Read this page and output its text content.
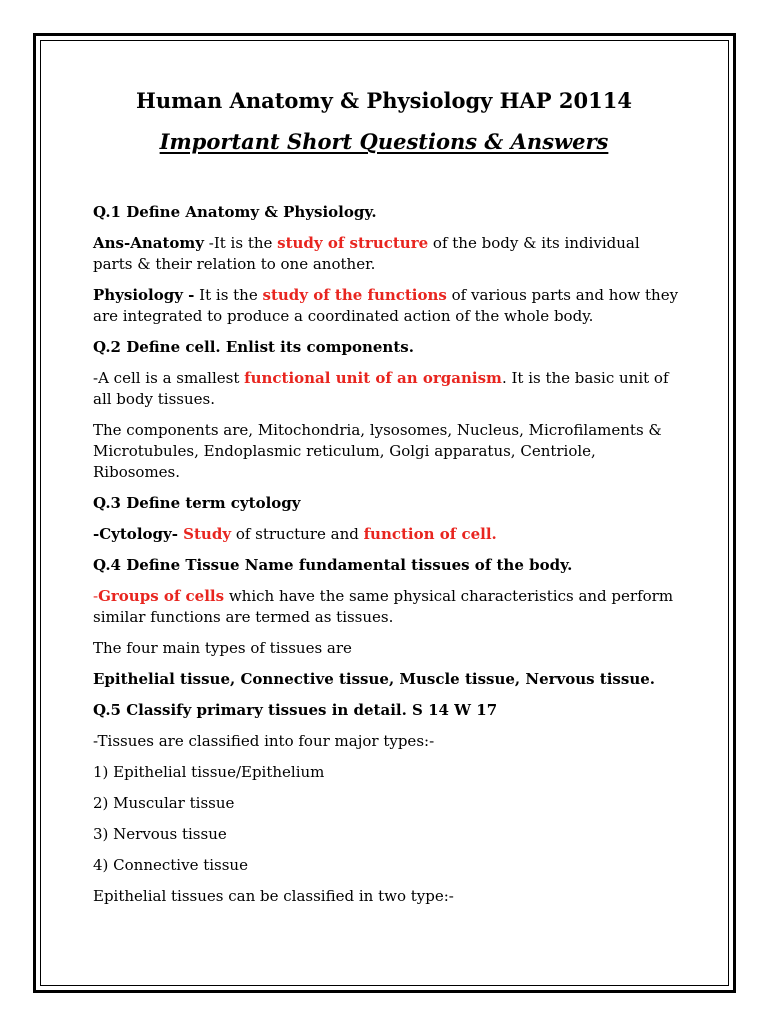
Human Anatomy & Physiology HAP 20114
Important Short Questions & Answers

Q.1 Define Anatomy & Physiology.

Ans-Anatomy -It is the study of structure of the body & its individual parts & their relation to one another.

Physiology - It is the study of the functions of various parts and how they are integrated to produce a coordinated action of the whole body.

Q.2 Define cell. Enlist its components.

-A cell is a smallest functional unit of an organism. It is the basic unit of all body tissues.

The components are, Mitochondria, lysosomes, Nucleus, Microfilaments & Microtubules, Endoplasmic reticulum, Golgi apparatus, Centriole, Ribosomes.

Q.3 Define term cytology

-Cytology- Study of structure and function of cell.

Q.4 Define Tissue Name fundamental tissues of the body.

-Groups of cells which have the same physical characteristics and perform similar functions are termed as tissues.

The four main types of tissues are

Epithelial tissue, Connective tissue, Muscle tissue, Nervous tissue.

Q.5 Classify primary tissues in detail. S 14 W 17

-Tissues are classified into four major types:-

1) Epithelial tissue/Epithelium

2) Muscular tissue

3) Nervous tissue

4) Connective tissue

Epithelial tissues can be classified in two type:-
